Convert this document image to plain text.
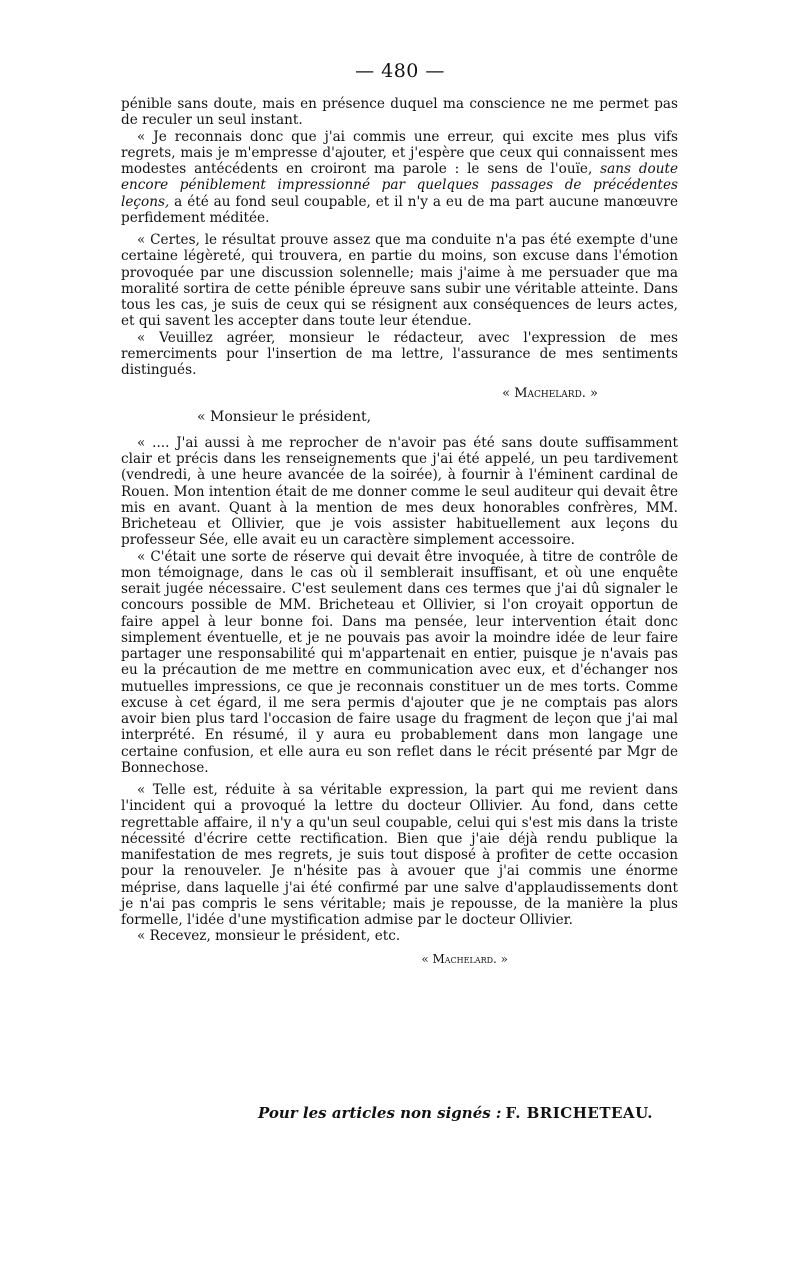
— 480 —

pénible sans doute, mais en présence duquel ma conscience ne me permet pas de reculer un seul instant.

« Je reconnais donc que j'ai commis une erreur, qui excite mes plus vifs regrets, mais je m'empresse d'ajouter, et j'espère que ceux qui connaissent mes modestes antécédents en croiront ma parole : le sens de l'ouïe, sans doute encore péniblement impressionné par quelques passages de précédentes leçons, a été au fond seul coupable, et il n'y a eu de ma part aucune manœuvre perfidement méditée.

« Certes, le résultat prouve assez que ma conduite n'a pas été exempte d'une certaine légèreté, qui trouvera, en partie du moins, son excuse dans l'émotion provoquée par une discussion solennelle; mais j'aime à me persuader que ma moralité sortira de cette pénible épreuve sans subir une véritable atteinte. Dans tous les cas, je suis de ceux qui se résignent aux conséquences de leurs actes, et qui savent les accepter dans toute leur étendue.

« Veuillez agréer, monsieur le rédacteur, avec l'expression de mes remerciments pour l'insertion de ma lettre, l'assurance de mes sentiments distingués.

« Machelard. »

« Monsieur le président,

« .... J'ai aussi à me reprocher de n'avoir pas été sans doute suffisamment clair et précis dans les renseignements que j'ai été appelé, un peu tardivement (vendredi, à une heure avancée de la soirée), à fournir à l'éminent cardinal de Rouen. Mon intention était de me donner comme le seul auditeur qui devait être mis en avant. Quant à la mention de mes deux honorables confrères, MM. Bricheteau et Ollivier, que je vois assister habituellement aux leçons du professeur Sée, elle avait eu un caractère simplement accessoire.

« C'était une sorte de réserve qui devait être invoquée, à titre de contrôle de mon témoignage, dans le cas où il semblerait insuffisant, et où une enquête serait jugée nécessaire. C'est seulement dans ces termes que j'ai dû signaler le concours possible de MM. Bricheteau et Ollivier, si l'on croyait opportun de faire appel à leur bonne foi. Dans ma pensée, leur intervention était donc simplement éventuelle, et je ne pouvais pas avoir la moindre idée de leur faire partager une responsabilité qui m'appartenait en entier, puisque je n'avais pas eu la précaution de me mettre en communication avec eux, et d'échanger nos mutuelles impressions, ce que je reconnais constituer un de mes torts. Comme excuse à cet égard, il me sera permis d'ajouter que je ne comptais pas alors avoir bien plus tard l'occasion de faire usage du fragment de leçon que j'ai mal interprété. En résumé, il y aura eu probablement dans mon langage une certaine confusion, et elle aura eu son reflet dans le récit présenté par Mgr de Bonnechose.

« Telle est, réduite à sa véritable expression, la part qui me revient dans l'incident qui a provoqué la lettre du docteur Ollivier. Au fond, dans cette regrettable affaire, il n'y a qu'un seul coupable, celui qui s'est mis dans la triste nécessité d'écrire cette rectification. Bien que j'aie déjà rendu publique la manifestation de mes regrets, je suis tout disposé à profiter de cette occasion pour la renouveler. Je n'hésite pas à avouer que j'ai commis une énorme méprise, dans laquelle j'ai été confirmé par une salve d'applaudissements dont je n'ai pas compris le sens véritable; mais je repousse, de la manière la plus formelle, l'idée d'une mystification admise par le docteur Ollivier.

« Recevez, monsieur le président, etc.

« Machelard. »
Pour les articles non signés : F. BRICHETEAU.
